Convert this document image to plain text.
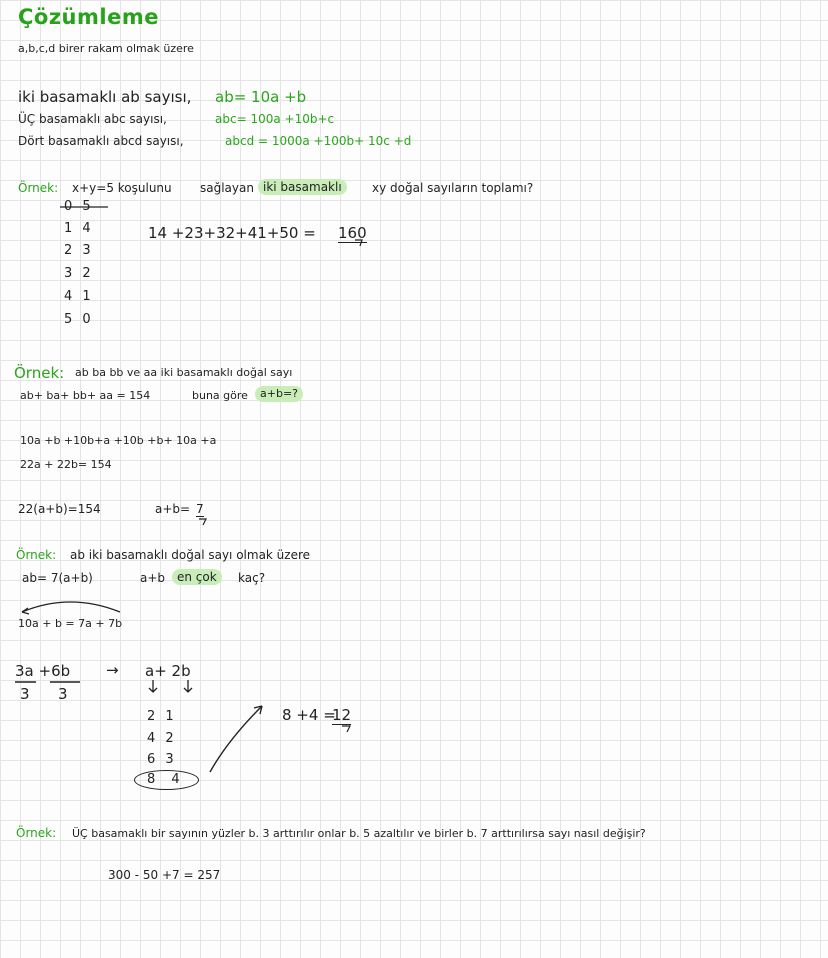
Çözümleme
a,b,c,d birer rakam olmak üzere
iki basamaklı ab sayısı, ab= 10a +b
ÜÇ basamaklı abc sayısı,	abc= 100a +10b+c
Dört basamaklı abcd sayısı,	abcd = 1000a +100b+ 10c +d
Örnek: x+y=5 koşulunu sağlayan iki basamaklı	xy doğal sayıların toplamı?
0 5
1 4
2 3
3 2
4 1
5 0
14 +23+32+41+50 = 160
Örnek: ab ba bb ve aa iki basamaklı doğal sayı
ab+ ba+ bb+ aa = 154	buna göre	a+b=?
10a +b +10b+a +10b +b+ 10a +a
22a + 22b= 154
22(a+b)=154	a+b= 7
Örnek: ab iki basamaklı doğal sayı olmak üzere
ab= 7(a+b)	a+b en çok	kaç?
10a + b = 7a + 7b
3a +6b
3 3
→ a+ 2b
2 1
4 2
6 3
8 4
8 +4 =
12
Örnek: ÜÇ basamaklı bir sayının yüzler b. 3 arttırılır onlar b. 5 azaltılır ve birler b. 7 arttırılırsa sayı nasıl değişir?
300 - 50 +7 = 257
